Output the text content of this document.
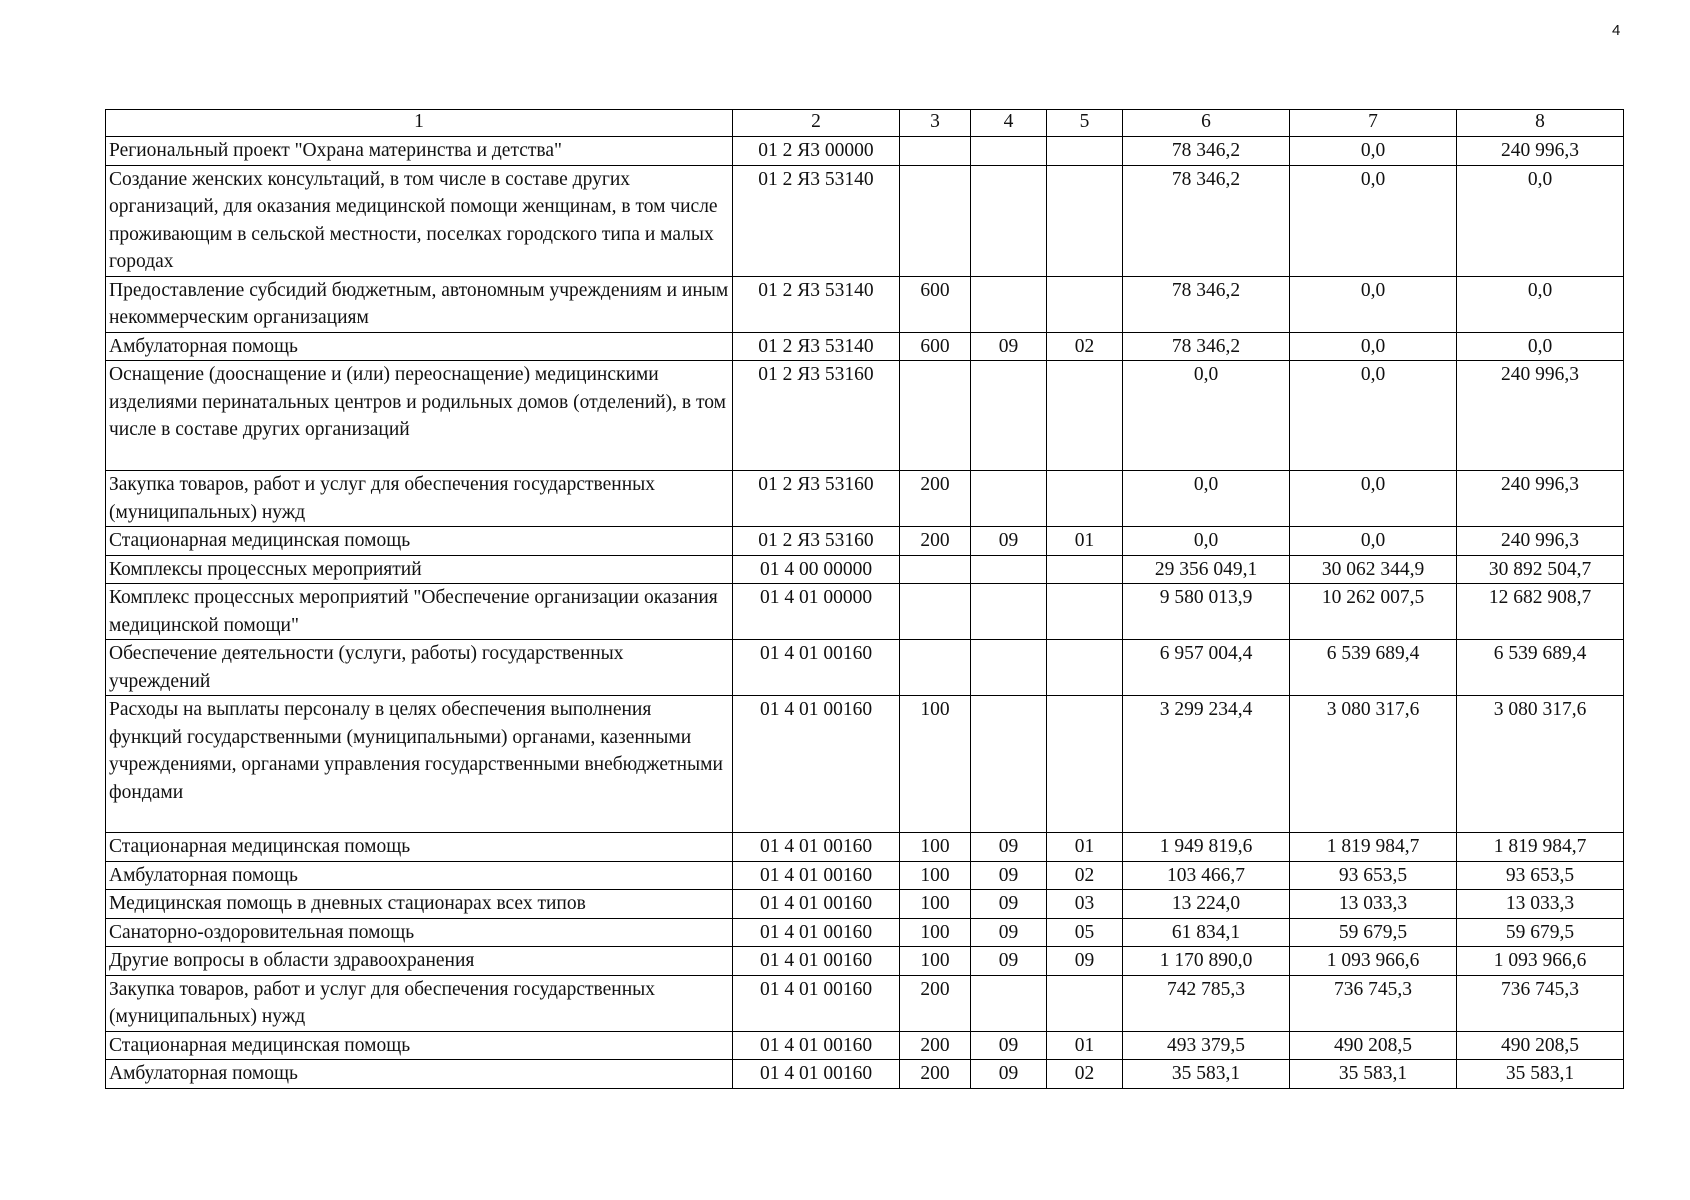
4
1	2	3	4	5	6	7	8
Региональный проект "Охрана материнства и детства"	01 2 Я3 00000				78 346,2	0,0	240 996,3
Создание женских консультаций, в том числе в составе других организаций, для оказания медицинской помощи женщинам, в том числе проживающим в сельской местности, поселках городского типа и малых городах	01 2 Я3 53140				78 346,2	0,0	0,0
Предоставление субсидий бюджетным, автономным учреждениям и иным некоммерческим организациям	01 2 Я3 53140	600			78 346,2	0,0	0,0
Амбулаторная помощь	01 2 Я3 53140	600	09	02	78 346,2	0,0	0,0
Оснащение (дооснащение и (или) переоснащение) медицинскими изделиями перинатальных центров и родильных домов (отделений), в том числе в составе других организаций	01 2 Я3 53160				0,0	0,0	240 996,3
Закупка товаров, работ и услуг для обеспечения государственных (муниципальных) нужд	01 2 Я3 53160	200			0,0	0,0	240 996,3
Стационарная медицинская помощь	01 2 Я3 53160	200	09	01	0,0	0,0	240 996,3
Комплексы процессных мероприятий	01 4 00 00000				29 356 049,1	30 062 344,9	30 892 504,7
Комплекс процессных мероприятий "Обеспечение организации оказания медицинской помощи"	01 4 01 00000				9 580 013,9	10 262 007,5	12 682 908,7
Обеспечение деятельности (услуги, работы) государственных учреждений	01 4 01 00160				6 957 004,4	6 539 689,4	6 539 689,4
Расходы на выплаты персоналу в целях обеспечения выполнения функций государственными (муниципальными) органами, казенными учреждениями, органами управления государственными внебюджетными фондами	01 4 01 00160	100			3 299 234,4	3 080 317,6	3 080 317,6
Стационарная медицинская помощь	01 4 01 00160	100	09	01	1 949 819,6	1 819 984,7	1 819 984,7
Амбулаторная помощь	01 4 01 00160	100	09	02	103 466,7	93 653,5	93 653,5
Медицинская помощь в дневных стационарах всех типов	01 4 01 00160	100	09	03	13 224,0	13 033,3	13 033,3
Санаторно-оздоровительная помощь	01 4 01 00160	100	09	05	61 834,1	59 679,5	59 679,5
Другие вопросы в области здравоохранения	01 4 01 00160	100	09	09	1 170 890,0	1 093 966,6	1 093 966,6
Закупка товаров, работ и услуг для обеспечения государственных (муниципальных) нужд	01 4 01 00160	200			742 785,3	736 745,3	736 745,3
Стационарная медицинская помощь	01 4 01 00160	200	09	01	493 379,5	490 208,5	490 208,5
Амбулаторная помощь	01 4 01 00160	200	09	02	35 583,1	35 583,1	35 583,1
